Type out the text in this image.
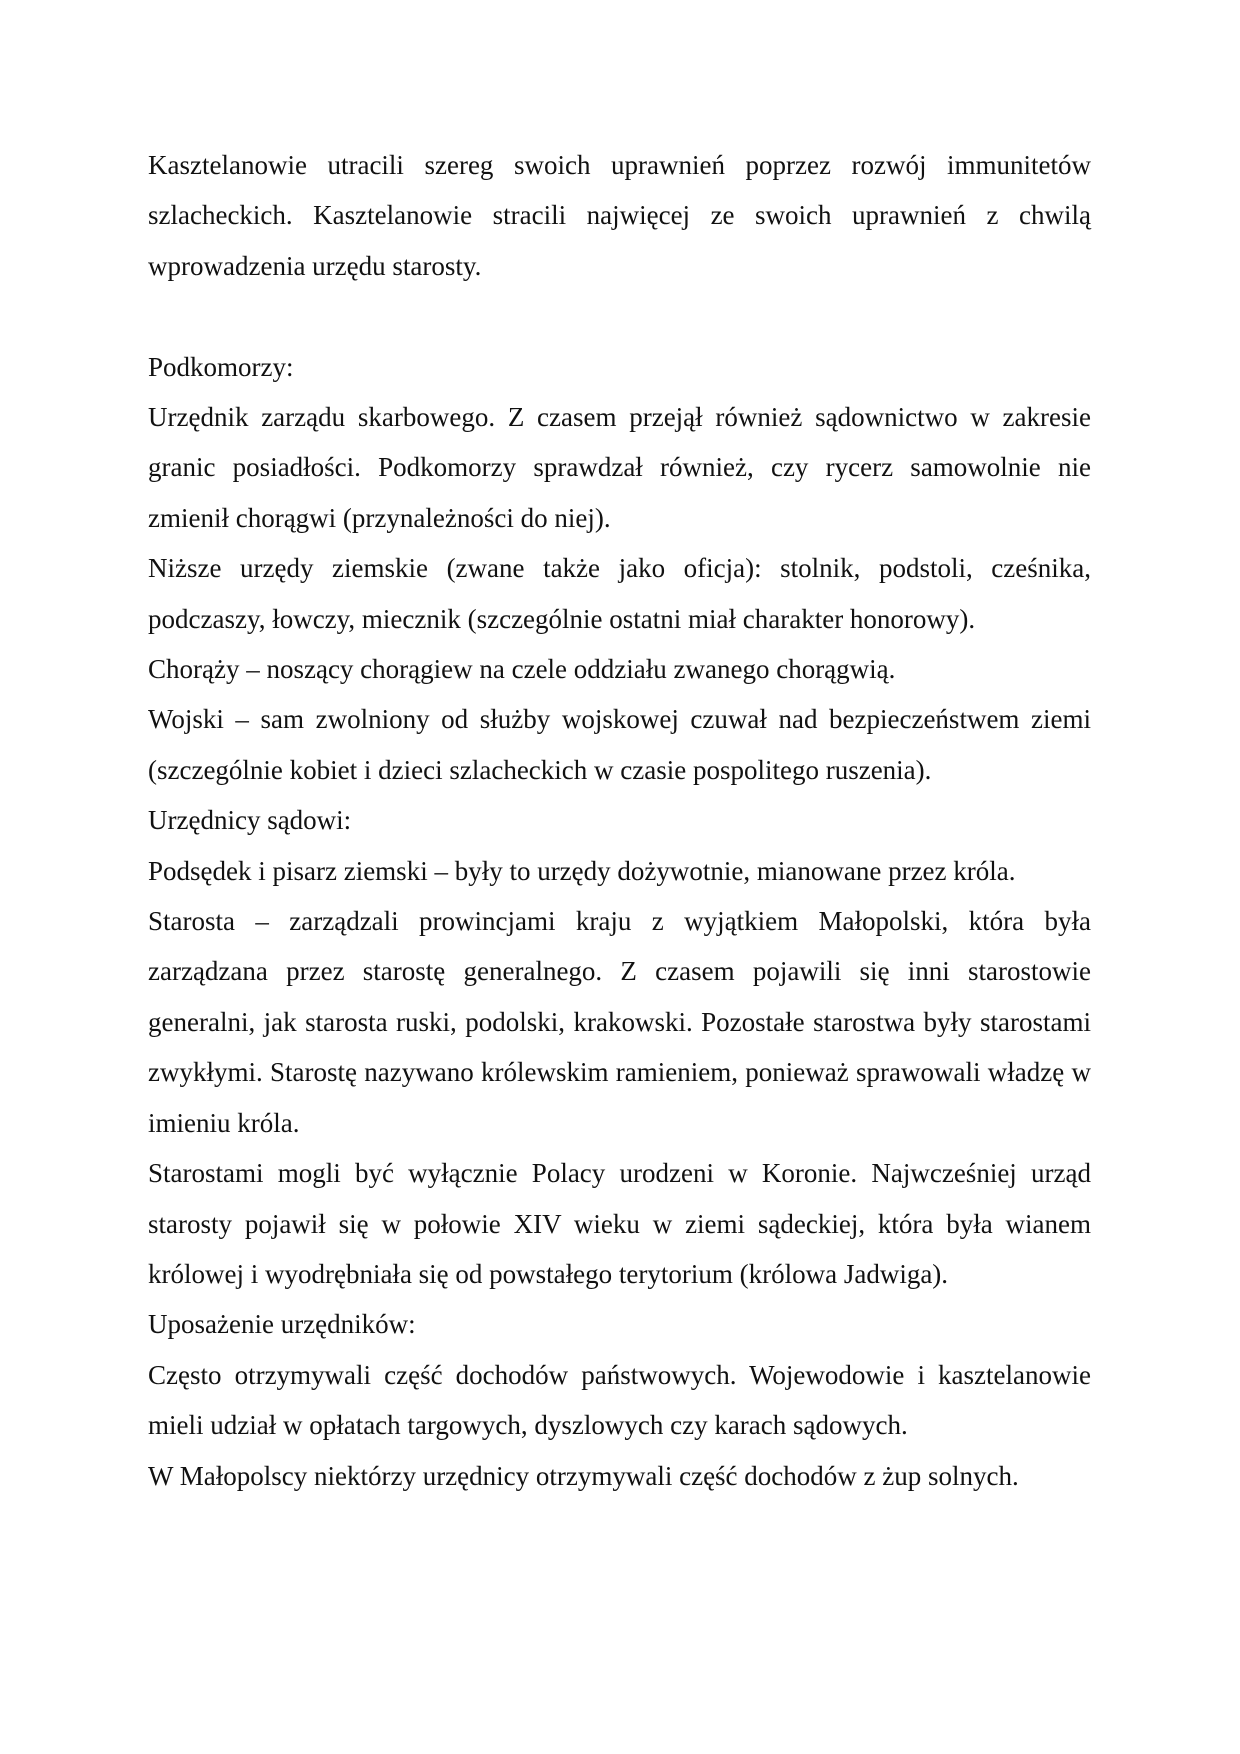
Kasztelanowie utracili szereg swoich uprawnień poprzez rozwój immunitetów szlacheckich. Kasztelanowie stracili najwięcej ze swoich uprawnień z chwilą wprowadzenia urzędu starosty.

Podkomorzy:

Urzędnik zarządu skarbowego. Z czasem przejął również sądownictwo w zakresie granic posiadłości. Podkomorzy sprawdzał również, czy rycerz samowolnie nie zmienił chorągwi (przynależności do niej).

Niższe urzędy ziemskie (zwane także jako oficja): stolnik, podstoli, cześnika, podczaszy, łowczy, miecznik (szczególnie ostatni miał charakter honorowy).

Chorąży – noszący chorągiew na czele oddziału zwanego chorągwią.

Wojski – sam zwolniony od służby wojskowej czuwał nad bezpieczeństwem ziemi (szczególnie kobiet i dzieci szlacheckich w czasie pospolitego ruszenia).

Urzędnicy sądowi:

Podsędek i pisarz ziemski – były to urzędy dożywotnie, mianowane przez króla.

Starosta – zarządzali prowincjami kraju z wyjątkiem Małopolski, która była zarządzana przez starostę generalnego. Z czasem pojawili się inni starostowie generalni, jak starosta ruski, podolski, krakowski. Pozostałe starostwa były starostami zwykłymi. Starostę nazywano królewskim ramieniem, ponieważ sprawowali władzę w imieniu króla.

Starostami mogli być wyłącznie Polacy urodzeni w Koronie. Najwcześniej urząd starosty pojawił się w połowie XIV wieku w ziemi sądeckiej, która była wianem królowej i wyodrębniała się od powstałego terytorium (królowa Jadwiga).

Uposażenie urzędników:

Często otrzymywali część dochodów państwowych. Wojewodowie i kasztelanowie mieli udział w opłatach targowych, dyszlowych czy karach sądowych.

W Małopolscy niektórzy urzędnicy otrzymywali część dochodów z żup solnych.
